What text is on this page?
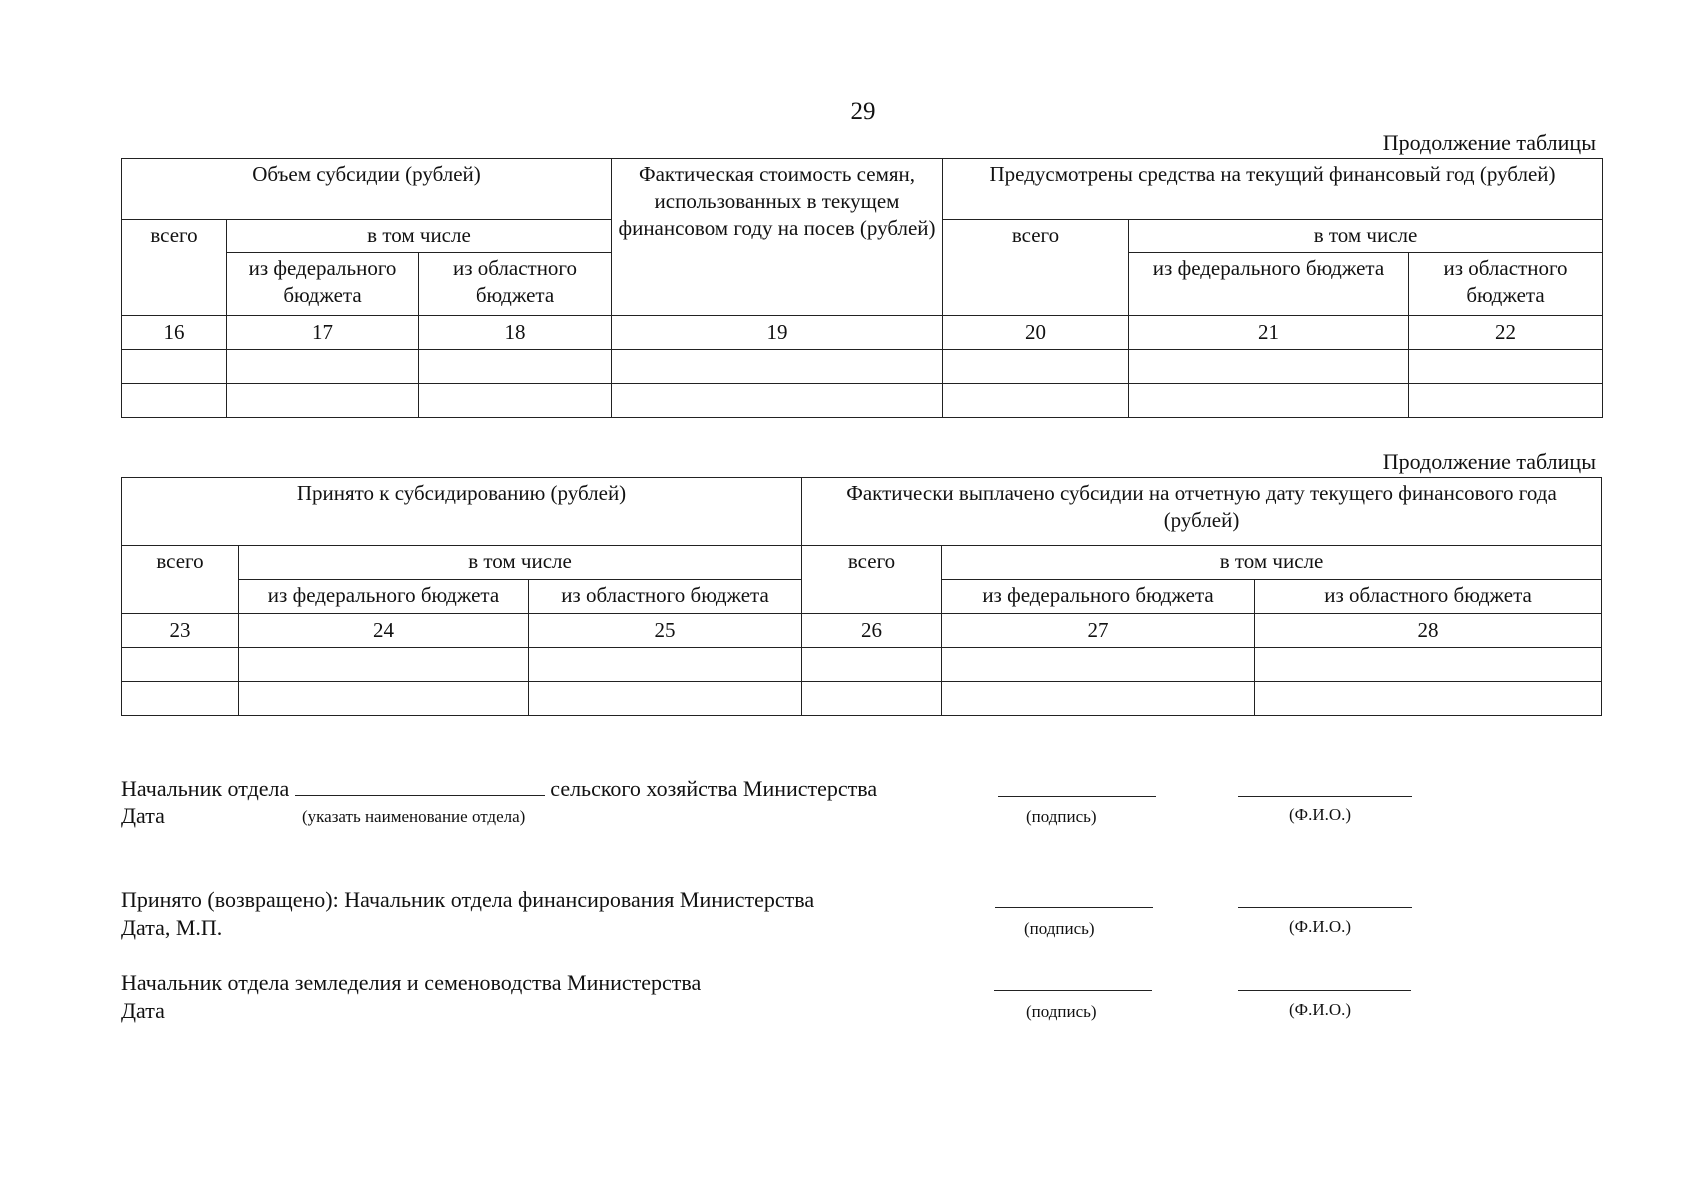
29
Продолжение таблицы
Объем субсидии (рублей)			Фактическая стоимость семян, использованных в текущем финансовом году на посев (рублей)	Предусмотрены средства на текущий финансовый год (рублей)		
всего	в том числе			всего	в том числе	
	из федерального бюджета	из областного бюджета			из федерального бюджета	из областного бюджета
16	17	18	19	20	21	22

Продолжение таблицы
Принято к субсидированию (рублей)			Фактически выплачено субсидии на отчетную дату текущего финансового года (рублей)		
всего	в том числе		всего	в том числе	
	из федерального бюджета	из областного бюджета		из федерального бюджета	из областного бюджета
23	24	25	26	27	28

Начальник отдела	сельского хозяйства Министерства
Дата	(указать наименование отдела)	(подпись)	(Ф.И.О.)
Принято (возвращено): Начальник отдела финансирования Министерства
Дата, М.П.	(подпись)	(Ф.И.О.)
Начальник отдела земледелия и семеноводства Министерства
Дата	(подпись)	(Ф.И.О.)
